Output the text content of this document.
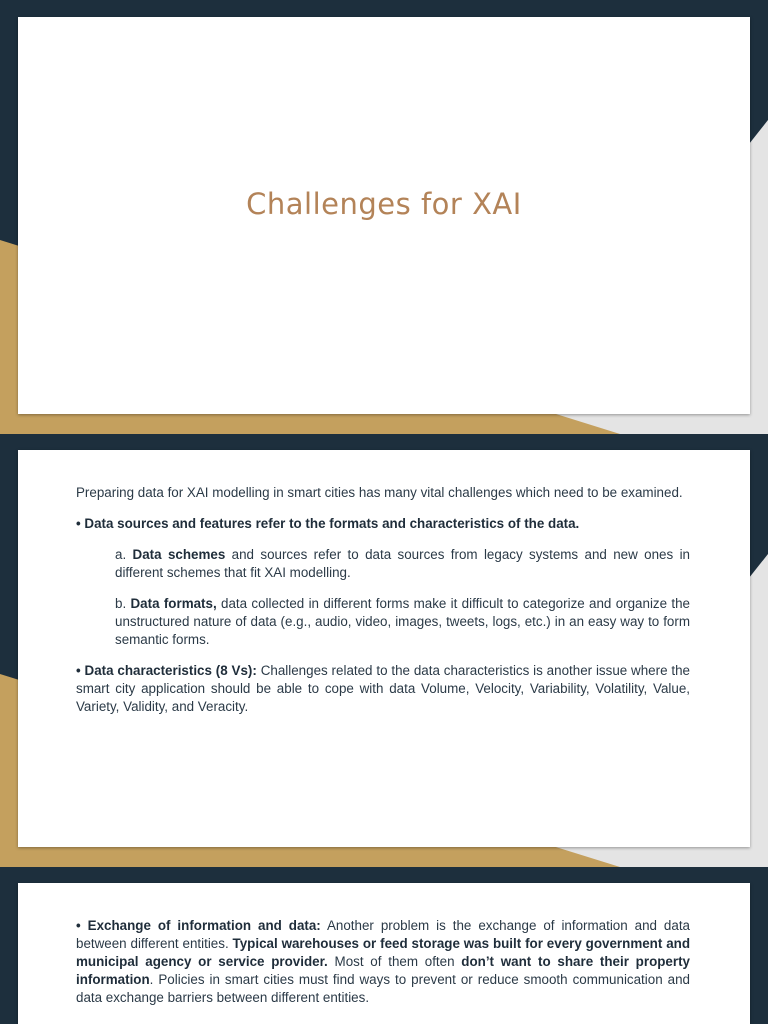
Challenges for XAI

Preparing data for XAI modelling in smart cities has many vital challenges which need to be examined.

• Data sources and features refer to the formats and characteristics of the data.

a. Data schemes and sources refer to data sources from legacy systems and new ones in different schemes that fit XAI modelling.

b. Data formats, data collected in different forms make it difficult to categorize and organize the unstructured nature of data (e.g., audio, video, images, tweets, logs, etc.) in an easy way to form semantic forms.

• Data characteristics (8 Vs): Challenges related to the data characteristics is another issue where the smart city application should be able to cope with data Volume, Velocity, Variability, Volatility, Value, Variety, Validity, and Veracity.

• Exchange of information and data: Another problem is the exchange of information and data between different entities. Typical warehouses or feed storage was built for every government and municipal agency or service provider. Most of them often don’t want to share their property information. Policies in smart cities must find ways to prevent or reduce smooth communication and data exchange barriers between different entities.
